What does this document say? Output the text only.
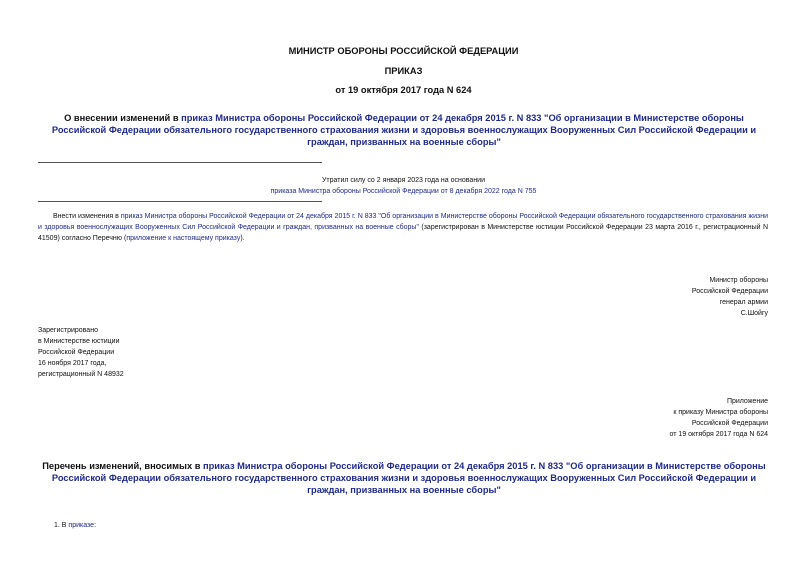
МИНИСТР ОБОРОНЫ РОССИЙСКОЙ ФЕДЕРАЦИИ
ПРИКАЗ
от 19 октября 2017 года N 624
О внесении изменений в приказ Министра обороны Российской Федерации от 24 декабря 2015 г. N 833 "Об организации в Министерстве обороны Российской Федерации обязательного государственного страхования жизни и здоровья военнослужащих Вооруженных Сил Российской Федерации и граждан, призванных на военные сборы"
Утратил силу со 2 января 2023 года на основании
приказа Министра обороны Российской Федерации от 8 декабря 2022 года N 755
Внести изменения в приказ Министра обороны Российской Федерации от 24 декабря 2015 г. N 833 "Об организации в Министерстве обороны Российской Федерации обязательного государственного страхования жизни и здоровья военнослужащих Вооруженных Сил Российской Федерации и граждан, призванных на военные сборы" (зарегистрирован в Министерстве юстиции Российской Федерации 23 марта 2016 г., регистрационный N 41509) согласно Перечню (приложение к настоящему приказу).
Министр обороны
Российской Федерации
генерал армии
С.Шойгу
Зарегистрировано
в Министерстве юстиции
Российской Федерации
16 ноября 2017 года,
регистрационный N 48932
Приложение
к приказу Министра обороны
Российской Федерации
от 19 октября 2017 года N 624
Перечень изменений, вносимых в приказ Министра обороны Российской Федерации от 24 декабря 2015 г. N 833 "Об организации в Министерстве обороны Российской Федерации обязательного государственного страхования жизни и здоровья военнослужащих Вооруженных Сил Российской Федерации и граждан, призванных на военные сборы"
1. В приказе:
